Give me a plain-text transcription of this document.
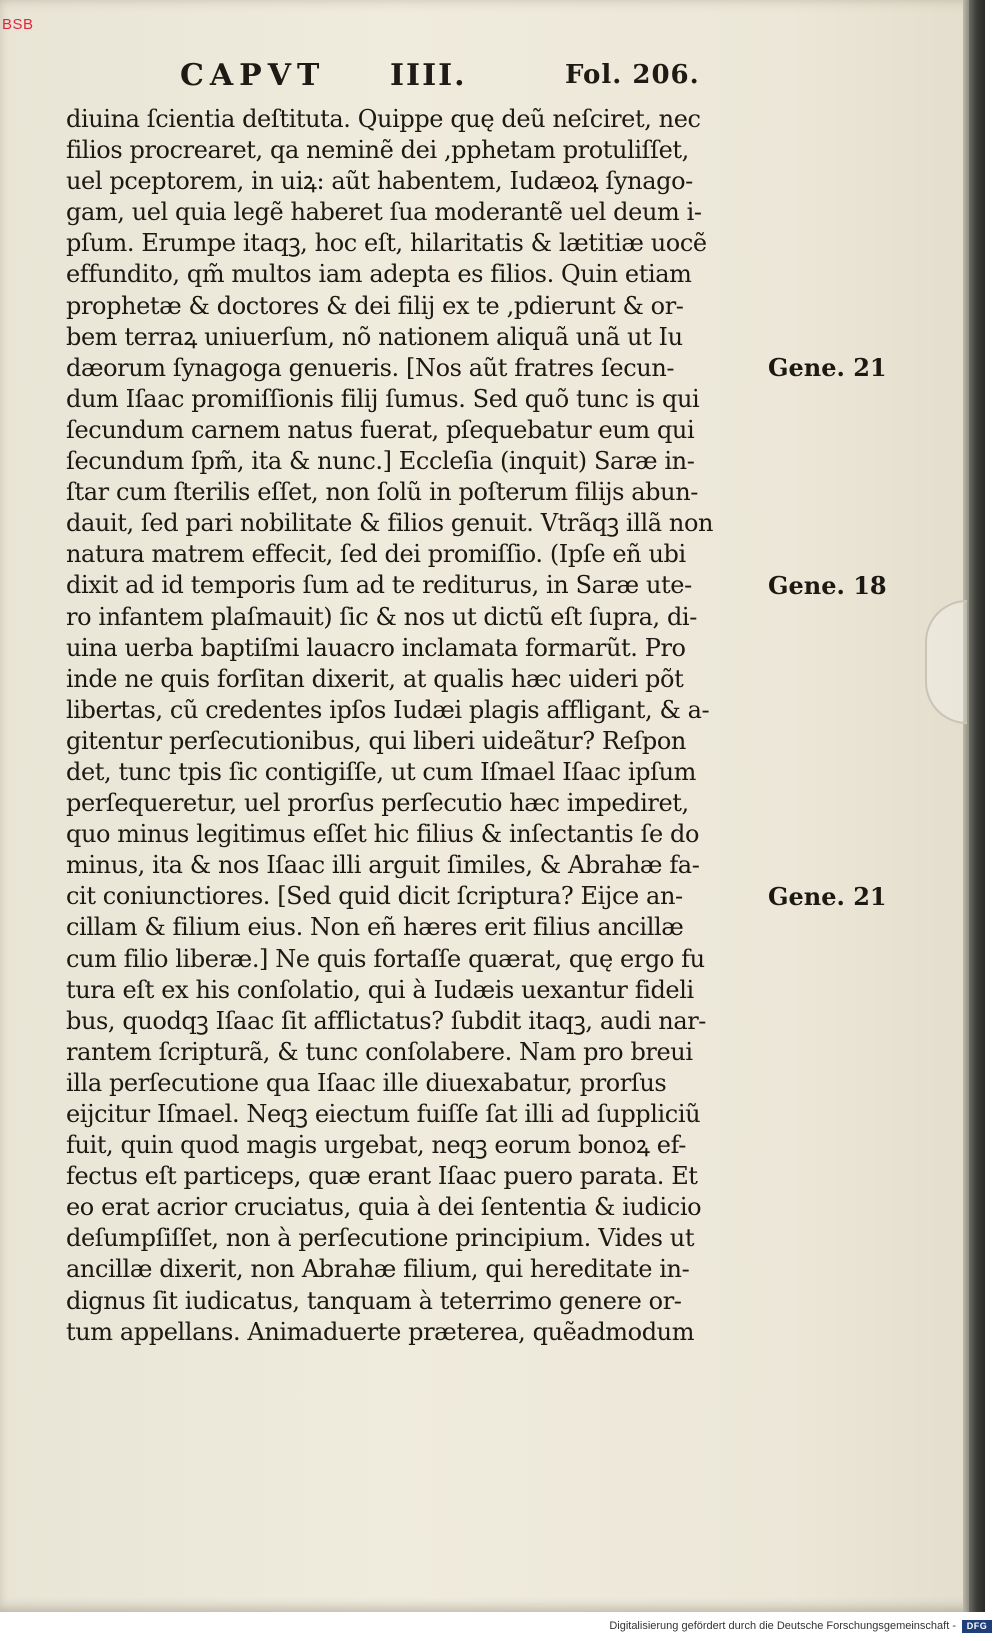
CAPVT IIII.	Fol. 206.
diuina ſcientia deſtituta. Quippe quę deũ neſciret, nec
filios procrearet, qa neminẽ dei ,pphetam protuliſſet,
uel pceptorem, in uiꝝ: aũt habentem, Iudæoꝝ ſynago-
gam, uel quia legẽ haberet ſua moderantẽ uel deum i-
pſum. Erumpe itaqꝫ, hoc eſt, hilaritatis & lætitiæ uocẽ
effundito, qm̃ multos iam adepta es filios. Quin etiam
prophetæ & doctores & dei filij ex te ,pdierunt & or-
bem terraꝝ uniuerſum, nõ nationem aliquã unã ut Iu
dæorum ſynagoga genueris. [Nos aũt fratres ſecun-
dum Iſaac promiſſionis filij ſumus. Sed quõ tunc is qui
ſecundum carnem natus fuerat, pſequebatur eum qui
ſecundum ſpm̃, ita & nunc.] Eccleſia (inquit) Saræ in-
ſtar cum ſterilis eſſet, non ſolũ in poſterum filijs abun-
dauit, ſed pari nobilitate & filios genuit. Vtrãqꝫ illã non
natura matrem effecit, ſed dei promiſſio. (Ipſe eñ ubi
dixit ad id temporis ſum ad te rediturus, in Saræ ute-
ro infantem plaſmauit) ſic & nos ut dictũ eſt ſupra, di-
uina uerba baptiſmi lauacro inclamata formarũt. Pro
inde ne quis forſitan dixerit, at qualis hæc uideri põt
libertas, cũ credentes ipſos Iudæi plagis affligant, & a-
gitentur perſecutionibus, qui liberi uideãtur? Reſpon
det, tunc tpis ſic contigiſſe, ut cum Iſmael Iſaac ipſum
perſequeretur, uel prorſus perſecutio hæc impediret,
quo minus legitimus eſſet hic filius & inſectantis ſe do
minus, ita & nos Iſaac illi arguit ſimiles, & Abrahæ fa-
cit coniunctiores. [Sed quid dicit ſcriptura? Eijce an-
cillam & filium eius. Non eñ hæres erit filius ancillæ
cum filio liberæ.] Ne quis fortaſſe quærat, quę ergo fu
tura eſt ex his conſolatio, qui à Iudæis uexantur fideli
bus, quodqꝫ Iſaac ſit afflictatus? ſubdit itaqꝫ, audi nar-
rantem ſcripturã, & tunc conſolabere. Nam pro breui
illa perſecutione qua Iſaac ille diuexabatur, prorſus
eijcitur Iſmael. Neqꝫ eiectum fuiſſe ſat illi ad ſuppliciũ
fuit, quin quod magis urgebat, neqꝫ eorum bonoꝝ ef-
fectus eſt particeps, quæ erant Iſaac puero parata. Et
eo erat acrior cruciatus, quia à dei ſententia & iudicio
deſumpſiſſet, non à perſecutione principium. Vides ut
ancillæ dixerit, non Abrahæ filium, qui hereditate in-
dignus ſit iudicatus, tanquam à teterrimo genere or-
tum appellans. Animaduerte præterea, quẽadmodum
Gene. 21
Gene. 18
Gene. 21
BSB
Digitalisierung gefördert durch die Deutsche Forschungsgemeinschaft -	DFG
